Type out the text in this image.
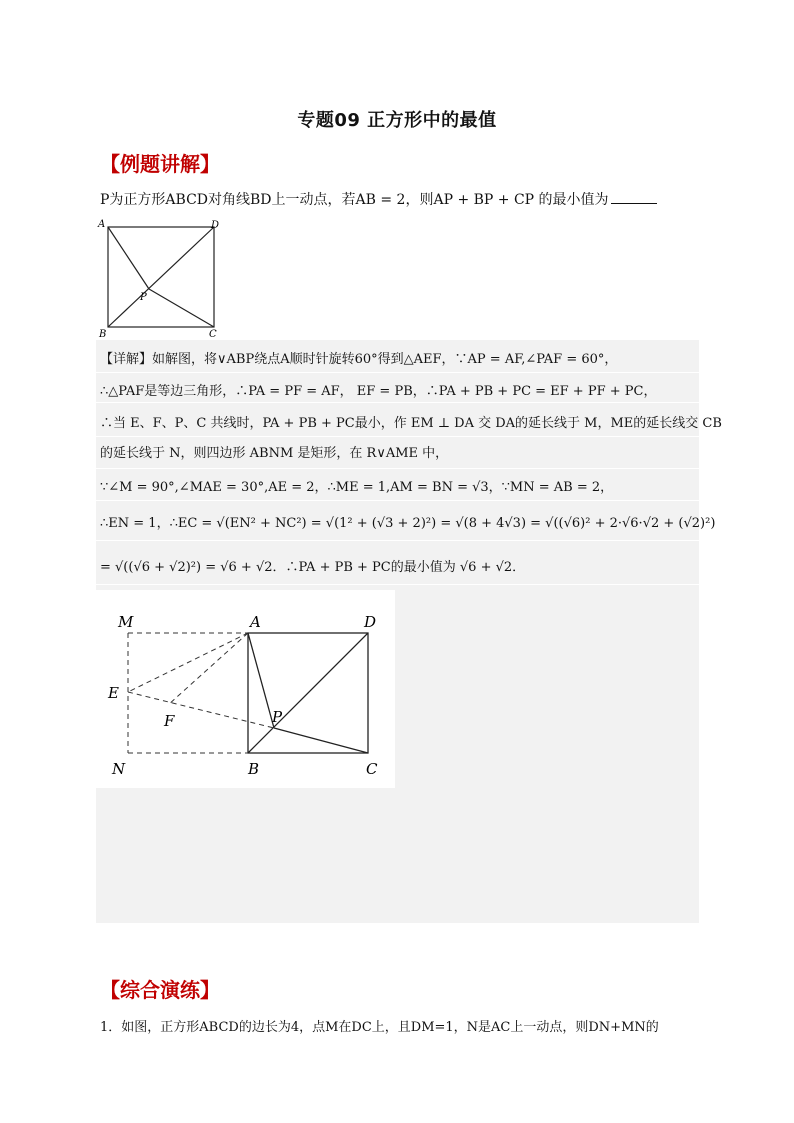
专题09 正方形中的最值
【例题讲解】
P为正方形ABCD对角线BD上一动点，若AB = 2，则AP + BP + CP 的最小值为
A	D
P
B	C
【详解】如解图，将∨ABP绕点A顺时针旋转60°得到△AEF，∵AP = AF,∠PAF = 60°，
∴△PAF是等边三角形，∴PA = PF = AF， EF = PB，∴PA + PB + PC = EF + PF + PC，
∴当 E、F、P、C 共线时，PA + PB + PC最小，作 EM ⊥ DA 交 DA的延长线于 M，ME的延长线交 CB
的延长线于 N，则四边形 ABNM 是矩形，在 R∨AME 中，
∵∠M = 90°,∠MAE = 30°,AE = 2，∴ME = 1,AM = BN = √3，∵MN = AB = 2，
∴EN = 1，∴EC = √(EN² + NC²) = √(1² + (√3 + 2)²) = √(8 + 4√3) = √((√6)² + 2·√6·√2 + (√2)²)
= √((√6 + √2)²) = √6 + √2．∴PA + PB + PC的最小值为 √6 + √2．
M	A	D
E
F	P
N	B	C
【综合演练】
1．如图，正方形ABCD的边长为4，点M在DC上，且DM=1，N是AC上一动点，则DN+MN的
